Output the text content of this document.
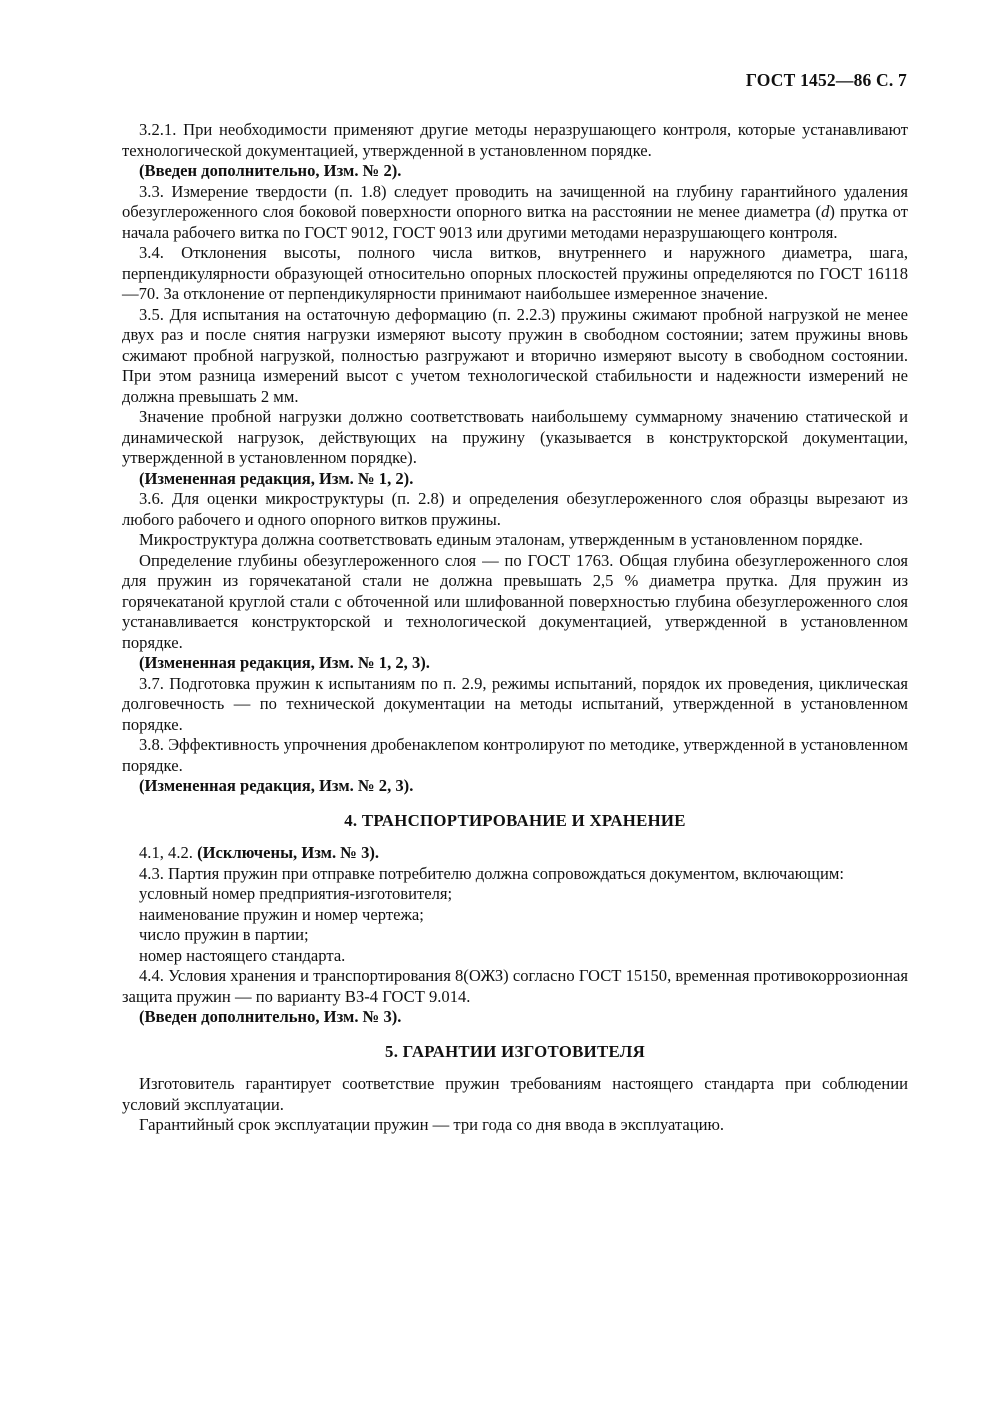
ГОСТ 1452—86 С. 7

3.2.1. При необходимости применяют другие методы неразрушающего контроля, которые устанавливают технологической документацией, утвержденной в установленном порядке.

(Введен дополнительно, Изм. № 2).

3.3. Измерение твердости (п. 1.8) следует проводить на зачищенной на глубину гарантийного удаления обезуглероженного слоя боковой поверхности опорного витка на расстоянии не менее диаметра (d) прутка от начала рабочего витка по ГОСТ 9012, ГОСТ 9013 или другими методами неразрушающего контроля.

3.4. Отклонения высоты, полного числа витков, внутреннего и наружного диаметра, шага, перпендикулярности образующей относительно опорных плоскостей пружины определяются по ГОСТ 16118—70. За отклонение от перпендикулярности принимают наибольшее измеренное значение.

3.5. Для испытания на остаточную деформацию (п. 2.2.3) пружины сжимают пробной нагрузкой не менее двух раз и после снятия нагрузки измеряют высоту пружин в свободном состоянии; затем пружины вновь сжимают пробной нагрузкой, полностью разгружают и вторично измеряют высоту в свободном состоянии. При этом разница измерений высот с учетом технологической стабильности и надежности измерений не должна превышать 2 мм.

Значение пробной нагрузки должно соответствовать наибольшему суммарному значению статической и динамической нагрузок, действующих на пружину (указывается в конструкторской документации, утвержденной в установленном порядке).

(Измененная редакция, Изм. № 1, 2).

3.6. Для оценки микроструктуры (п. 2.8) и определения обезуглероженного слоя образцы вырезают из любого рабочего и одного опорного витков пружины.

Микроструктура должна соответствовать единым эталонам, утвержденным в установленном порядке.

Определение глубины обезуглероженного слоя — по ГОСТ 1763. Общая глубина обезуглероженного слоя для пружин из горячекатаной стали не должна превышать 2,5 % диаметра прутка. Для пружин из горячекатаной круглой стали с обточенной или шлифованной поверхностью глубина обезуглероженного слоя устанавливается конструкторской и технологической документацией, утвержденной в установленном порядке.

(Измененная редакция, Изм. № 1, 2, 3).

3.7. Подготовка пружин к испытаниям по п. 2.9, режимы испытаний, порядок их проведения, циклическая долговечность — по технической документации на методы испытаний, утвержденной в установленном порядке.

3.8. Эффективность упрочнения дробенаклепом контролируют по методике, утвержденной в установленном порядке.

(Измененная редакция, Изм. № 2, 3).

4. ТРАНСПОРТИРОВАНИЕ И ХРАНЕНИЕ

4.1, 4.2. (Исключены, Изм. № 3).

4.3. Партия пружин при отправке потребителю должна сопровождаться документом, включающим:

условный номер предприятия-изготовителя;

наименование пружин и номер чертежа;

число пружин в партии;

номер настоящего стандарта.

4.4. Условия хранения и транспортирования 8(ОЖЗ) согласно ГОСТ 15150, временная противокоррозионная защита пружин — по варианту ВЗ-4 ГОСТ 9.014.

(Введен дополнительно, Изм. № 3).

5. ГАРАНТИИ ИЗГОТОВИТЕЛЯ

Изготовитель гарантирует соответствие пружин требованиям настоящего стандарта при соблюдении условий эксплуатации.

Гарантийный срок эксплуатации пружин — три года со дня ввода в эксплуатацию.
